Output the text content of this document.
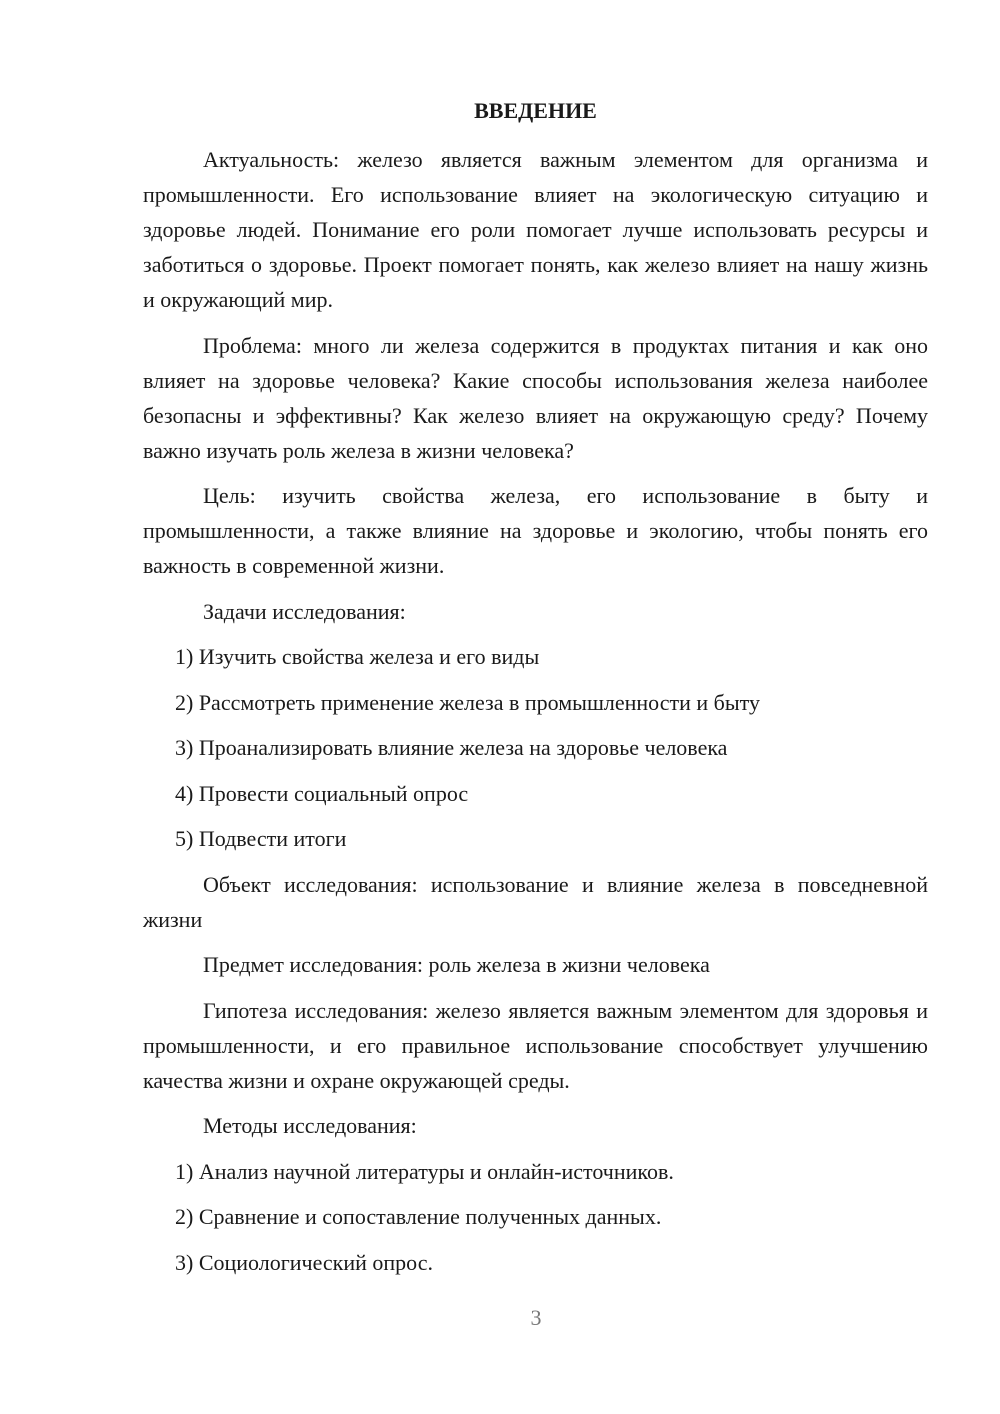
ВВЕДЕНИЕ

Актуальность: железо является важным элементом для организма и промышленности. Его использование влияет на экологическую ситуацию и здоровье людей. Понимание его роли помогает лучше использовать ресурсы и заботиться о здоровье. Проект помогает понять, как железо влияет на нашу жизнь и окружающий мир.

Проблема: много ли железа содержится в продуктах питания и как оно влияет на здоровье человека? Какие способы использования железа наиболее безопасны и эффективны? Как железо влияет на окружающую среду? Почему важно изучать роль железа в жизни человека?

Цель: изучить свойства железа, его использование в быту и промышленности, а также влияние на здоровье и экологию, чтобы понять его важность в современной жизни.

Задачи исследования:

1) Изучить свойства железа и его виды

2) Рассмотреть применение железа в промышленности и быту

3) Проанализировать влияние железа на здоровье человека

4) Провести социальный опрос

5) Подвести итоги

Объект исследования: использование и влияние железа в повседневной жизни

Предмет исследования: роль железа в жизни человека

Гипотеза исследования: железо является важным элементом для здоровья и промышленности, и его правильное использование способствует улучшению качества жизни и охране окружающей среды.

Методы исследования:

1) Анализ научной литературы и онлайн-источников.

2) Сравнение и сопоставление полученных данных.

3) Социологический опрос.

3
